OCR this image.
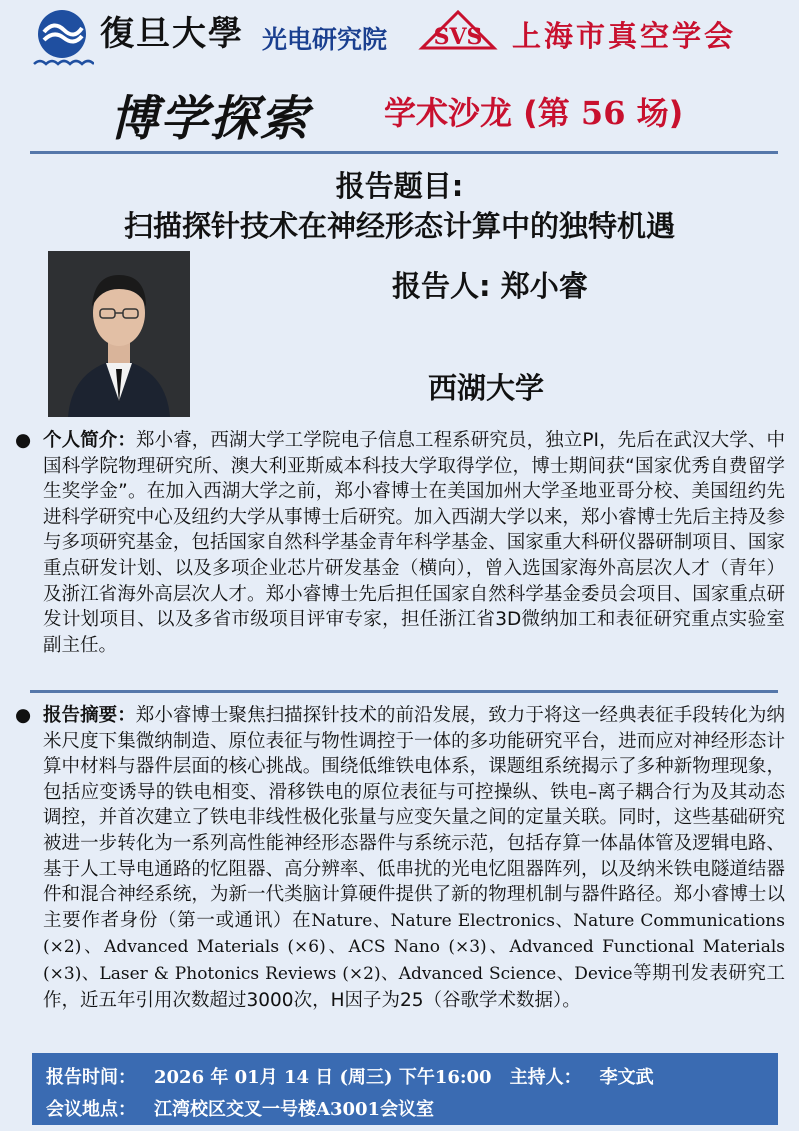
復旦大學 光电研究院 SVS 上海市真空学会
博学探索 学术沙龙 (第 56 场)
报告题目:
扫描探针技术在神经形态计算中的独特机遇
报告人: 郑小睿
西湖大学
● 个人简介：郑小睿，西湖大学工学院电子信息工程系研究员，独立PI，先后在武汉大学、中国科学院物理研究所、澳大利亚斯威本科技大学取得学位，博士期间获“国家优秀自费留学生奖学金”。在加入西湖大学之前，郑小睿博士在美国加州大学圣地亚哥分校、美国纽约先进科学研究中心及纽约大学从事博士后研究。加入西湖大学以来，郑小睿博士先后主持及参与多项研究基金，包括国家自然科学基金青年科学基金、国家重大科研仪器研制项目、国家重点研发计划、以及多项企业芯片研发基金（横向），曾入选国家海外高层次人才（青年）及浙江省海外高层次人才。郑小睿博士先后担任国家自然科学基金委员会项目、国家重点研发计划项目、以及多省市级项目评审专家，担任浙江省3D微纳加工和表征研究重点实验室副主任。
● 报告摘要：郑小睿博士聚焦扫描探针技术的前沿发展，致力于将这一经典表征手段转化为纳米尺度下集微纳制造、原位表征与物性调控于一体的多功能研究平台，进而应对神经形态计算中材料与器件层面的核心挑战。围绕低维铁电体系，课题组系统揭示了多种新物理现象，包括应变诱导的铁电相变、滑移铁电的原位表征与可控操纵、铁电–离子耦合行为及其动态调控，并首次建立了铁电非线性极化张量与应变矢量之间的定量关联。同时，这些基础研究被进一步转化为一系列高性能神经形态器件与系统示范，包括存算一体晶体管及逻辑电路、基于人工导电通路的忆阻器、高分辨率、低串扰的光电忆阻器阵列，以及纳米铁电隧道结器件和混合神经系统，为新一代类脑计算硬件提供了新的物理机制与器件路径。郑小睿博士以主要作者身份（第一或通讯）在Nature、Nature Electronics、Nature Communications (×2)、Advanced Materials (×6)、ACS Nano (×3)、Advanced Functional Materials (×3)、Laser & Photonics Reviews (×2)、Advanced Science、Device等期刊发表研究工作，近五年引用次数超过3000次，H因子为25（谷歌学术数据）。
报告时间： 2026 年 01月 14 日 (周三) 下午16:00 主持人： 李文武
会议地点： 江湾校区交叉一号楼A3001会议室
